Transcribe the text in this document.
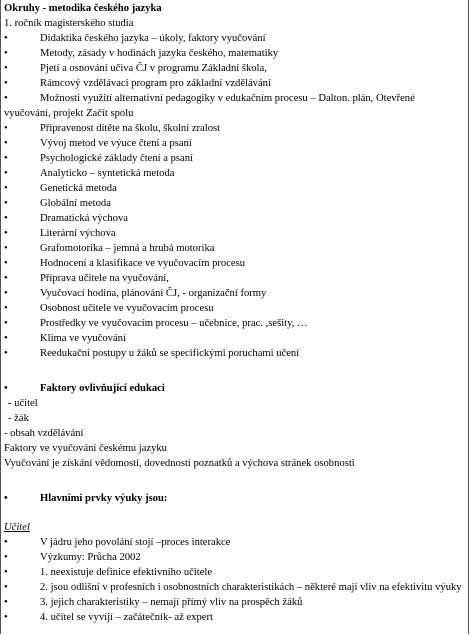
Okruhy - metodika českého jazyka
1. ročník magisterského studia
•	Didaktika českého jazyka – úkoly, faktory vyučování
•	Metody, zásady v hodinách jazyka českého, matematiky
•	Pjetí a osnování učiva ČJ v programu Základní škola,
•	Rámcový vzdělávací program pro základní vzdělávání
•	Možnosti využití alternativní pedagogiky v edukačním procesu – Dalton. plán, Otevřené vyučování, projekt Začít spolu
•	Připravenost dítěte na školu, školní zralost
•	Vývoj metod ve výuce čtení a psaní
•	Psychologické základy čtení a psaní
•	Analyticko – syntetická metoda
•	Genetická metoda
•	Globální metoda
•	Dramatická výchova
•	Literární výchova
•	Grafomotorika – jemná a hrubá motorika
•	Hodnocení a klasifikace ve vyučovacím procesu
•	Příprava učitele na vyučování,
•	Vyučovací hodina, plánování ČJ, - organizační formy
•	Osobnost učitele ve vyučovacím procesu
•	Prostředky ve vyučovacím procesu – učebnice, prac. ,sešity, …
•	Klima ve vyučování
•	Reedukační postupy u žáků se specifickými poruchami učení
•	Faktory ovlivňující edukaci
- učitel
- žák
- obsah vzdělávání
Faktory ve vyučování českému jazyku
Vyučování je získání vědomostí, dovedností poznatků a výchova stránek osobnosti
•	Hlavními prvky výuky jsou:
Učitel
•	V jádru jeho povolání stojí –proces interakce
•	Výzkumy: Průcha 2002
•	1. neexistuje definice efektivního učitele
•	2. jsou odlišní v profesních i osobnostních charakteristikách – některé mají vliv na efektivitu výuky
•	3. jejich charakteristiky – nemají přímý vliv na prospěch žáků
•	4. učitel se vyvíjí – začátečník- až expert
